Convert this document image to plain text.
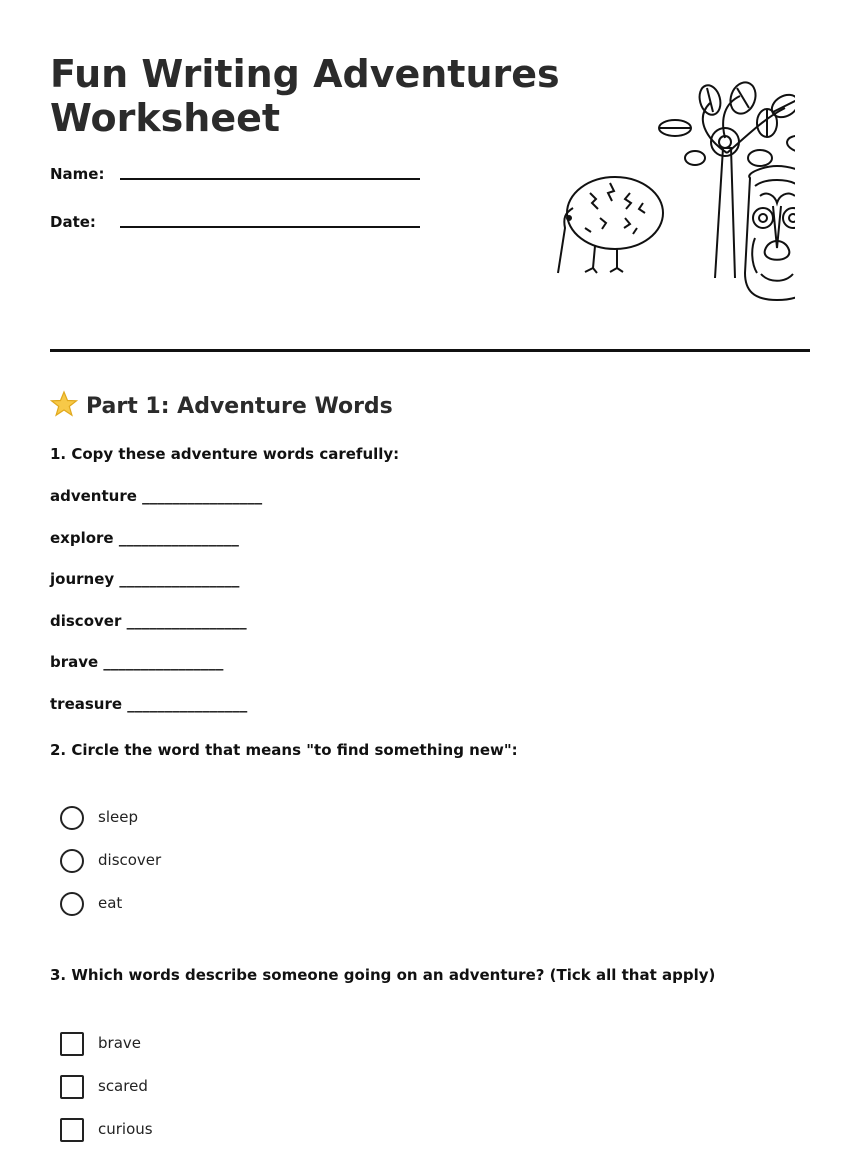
Fun Writing Adventures Worksheet
Name:
Date:
Part 1: Adventure Words
1. Copy these adventure words carefully:
adventure ________________
explore ________________
journey ________________
discover ________________
brave ________________
treasure ________________
2. Circle the word that means "to find something new":
sleep
discover
eat
3. Which words describe someone going on an adventure? (Tick all that apply)
brave
scared
curious
